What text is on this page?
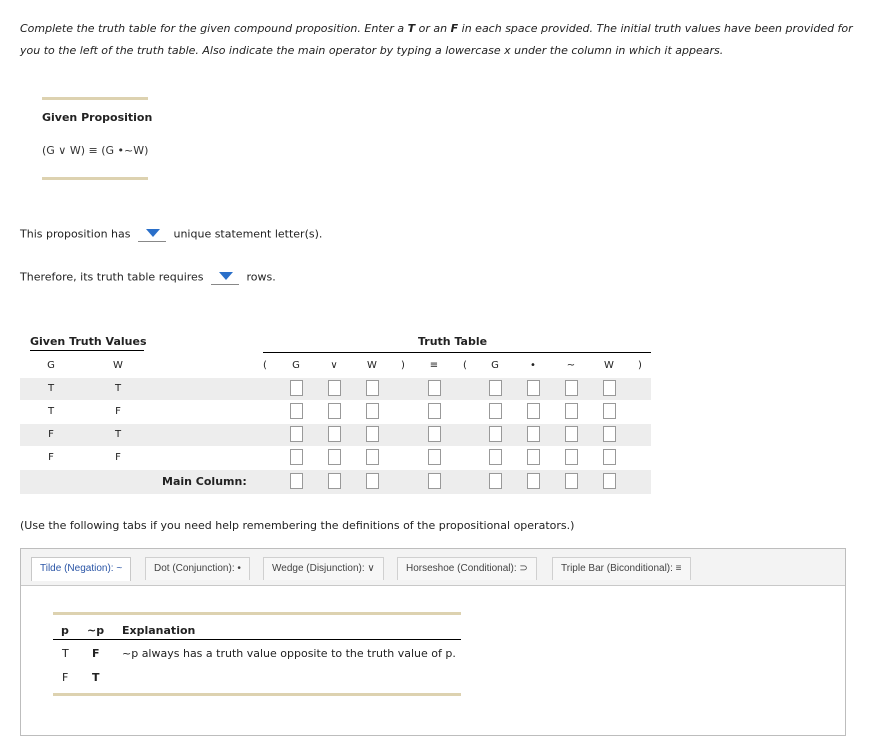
Complete the truth table for the given compound proposition. Enter a T or an F in each space provided. The initial truth values have been provided for you to the left of the truth table. Also indicate the main operator by typing a lowercase x under the column in which it appears.
Given Proposition
(G ∨ W) ≡ (G •~W)
This proposition has	unique statement letter(s).
Therefore, its truth table requires	rows.
Given Truth Values	Truth Table
G	W	(	G	∨	W	)	≡	(	G	•	~	W	)
T	T
T	F
F	T
F	F
Main Column:
(Use the following tabs if you need help remembering the definitions of the propositional operators.)
Tilde (Negation): ~	Dot (Conjunction): •	Wedge (Disjunction): ∨	Horseshoe (Conditional): ⊃	Triple Bar (Biconditional): ≡
p ~p Explanation
T F ~p always has a truth value opposite to the truth value of p.
F T
